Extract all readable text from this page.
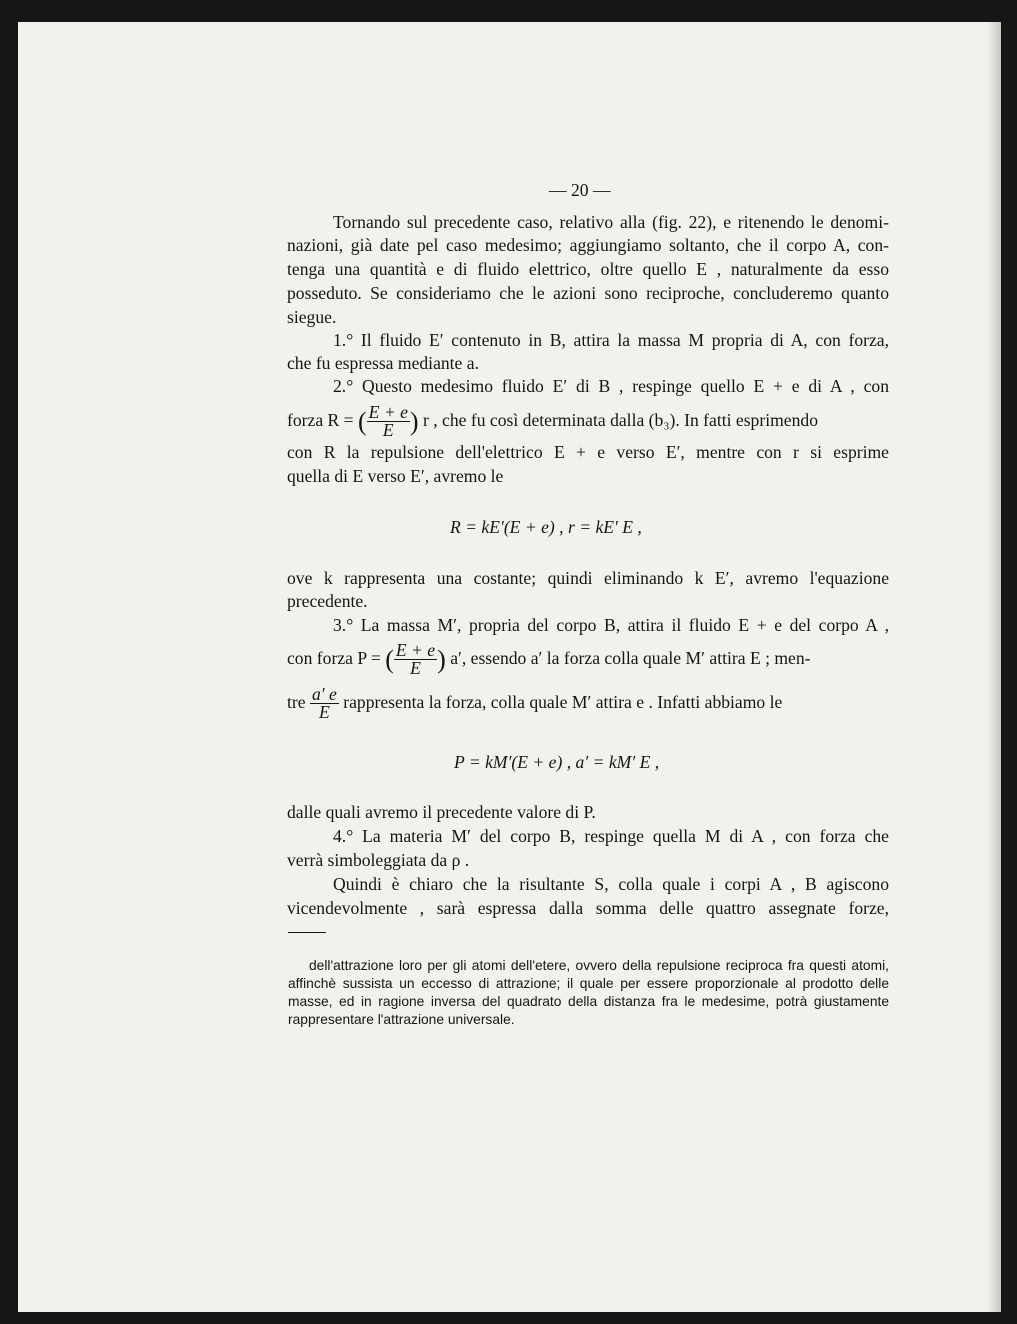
— 20 —
Tornando sul precedente caso, relativo alla (fig. 22), e ritenendo le denomi-
nazioni, già date pel caso medesimo; aggiungiamo soltanto, che il corpo A, con-
tenga una quantità e di fluido elettrico, oltre quello E , naturalmente da esso
posseduto. Se consideriamo che le azioni sono reciproche, concluderemo quanto
siegue.
1.° Il fluido E′ contenuto in B, attira la massa M propria di A, con forza,
che fu espressa mediante a.
2.° Questo medesimo fluido E′ di B , respinge quello E + e di A , con
forza R = ( $\frac{E + e}{E}$ ) r , che fu così determinata dalla (b₃). In fatti esprimendo
con R la repulsione dell'elettrico E + e verso E′, mentre con r si esprime
quella di E verso E′, avremo le
R = kE′(E + e) , r = kE′ E ,
ove k rappresenta una costante; quindi eliminando k E′, avremo l'equazione
precedente.
3.° La massa M′, propria del corpo B, attira il fluido E + e del corpo A ,
con forza P = ( $\frac{E + e}{E}$ ) a′, essendo a′ la forza colla quale M′ attira E ; men-
tre $\frac{a' e}{E}$ rappresenta la forza, colla quale M′ attira e . Infatti abbiamo le
P = kM′(E + e) , a′ = kM′ E ,
dalle quali avremo il precedente valore di P.
4.° La materia M′ del corpo B, respinge quella M di A , con forza che
verrà simboleggiata da ρ .
Quindi è chiaro che la risultante S, colla quale i corpi A , B agiscono
vicendevolmente , sarà espressa dalla somma delle quattro assegnate forze,
dell'attrazione loro per gli atomi dell'etere, ovvero della repulsione reciproca fra questi atomi,
affinchè sussista un eccesso di attrazione; il quale per essere proporzionale al prodotto delle
masse, ed in ragione inversa del quadrato della distanza fra le medesime, potrà giustamente
rappresentare l'attrazione universale.
